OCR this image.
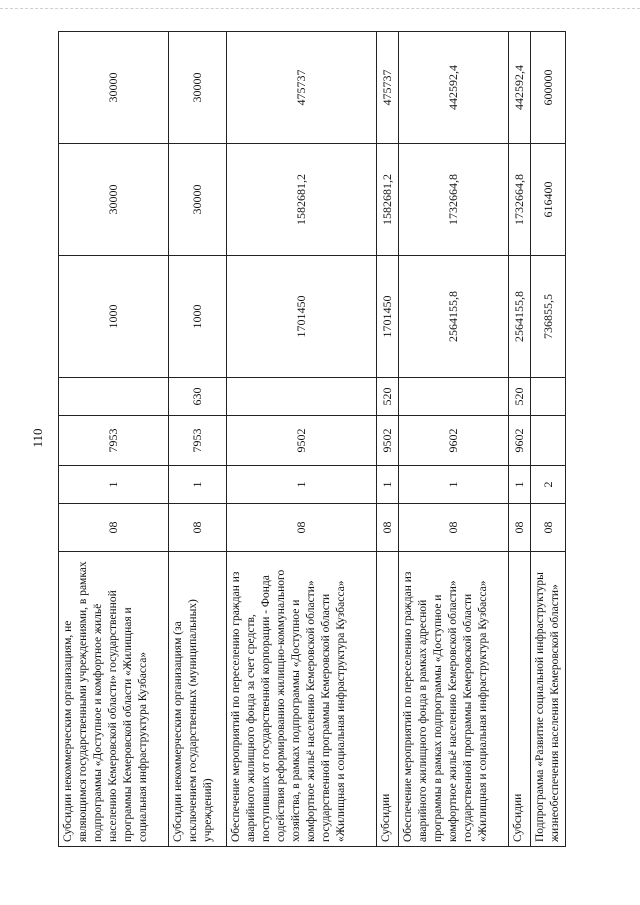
110
Субсидии некоммерческим организациям, не являющимся государственными учреждениями, в рамках подпрограммы «Доступное и комфортное жильё населению Кемеровской области» государственной программы Кемеровской области «Жилищная и социальная инфраструктура Кузбасса»	08	1	7953		1000	30000	30000
Субсидии некоммерческим организациям (за исключением государственных (муниципальных) учреждений)	08	1	7953	630	1000	30000	30000
Обеспечение мероприятий по переселению граждан из аварийного жилищного фонда за счет средств, поступивших от государственной корпорации - Фонда содействия реформированию жилищно-коммунального хозяйства, в рамках подпрограммы «Доступное и комфортное жильё населению Кемеровской области» государственной программы Кемеровской области «Жилищная и социальная инфраструктура Кузбасса»	08	1	9502		1701450	1582681,2	475737
Субсидии	08	1	9502	520	1701450	1582681,2	475737
Обеспечение мероприятий по переселению граждан из аварийного жилищного фонда в рамках адресной программы в рамках подпрограммы «Доступное и комфортное жильё населению Кемеровской области» государственной программы Кемеровской области «Жилищная и социальная инфраструктура Кузбасса»	08	1	9602		2564155,8	1732664,8	442592,4
Субсидии	08	1	9602	520	2564155,8	1732664,8	442592,4
Подпрограмма «Развитие социальной инфраструктуры жизнеобеспечения населения Кемеровской области»	08	2			736855,5	616400	600000
